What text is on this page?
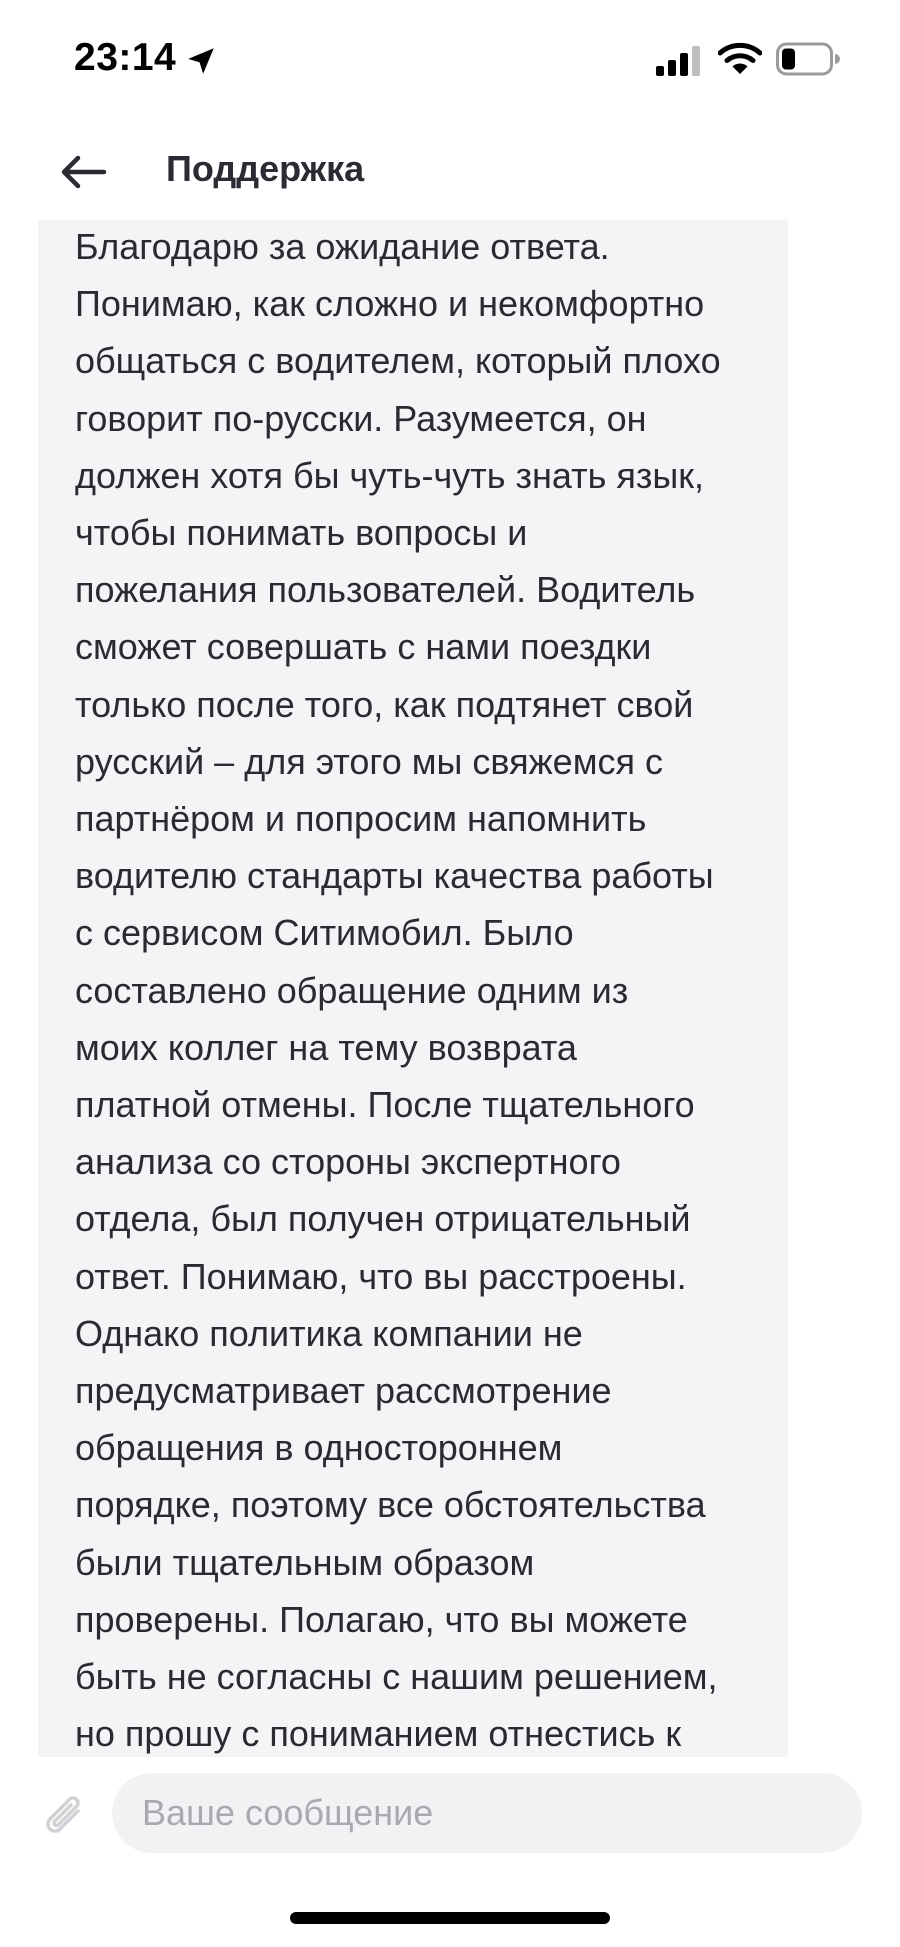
23:14
Поддержка
Благодарю за ожидание ответа.
Понимаю, как сложно и некомфортно
общаться с водителем, который плохо
говорит по-русски. Разумеется, он
должен хотя бы чуть-чуть знать язык,
чтобы понимать вопросы и
пожелания пользователей. Водитель
сможет совершать с нами поездки
только после того, как подтянет свой
русский – для этого мы свяжемся с
партнёром и попросим напомнить
водителю стандарты качества работы
с сервисом Ситимобил. Было
составлено обращение одним из
моих коллег на тему возврата
платной отмены. После тщательного
анализа со стороны экспертного
отдела, был получен отрицательный
ответ. Понимаю, что вы расстроены.
Однако политика компании не
предусматривает рассмотрение
обращения в одностороннем
порядке, поэтому все обстоятельства
были тщательным образом
проверены. Полагаю, что вы можете
быть не согласны с нашим решением,
но прошу с пониманием отнестись к
Ваше сообщение
